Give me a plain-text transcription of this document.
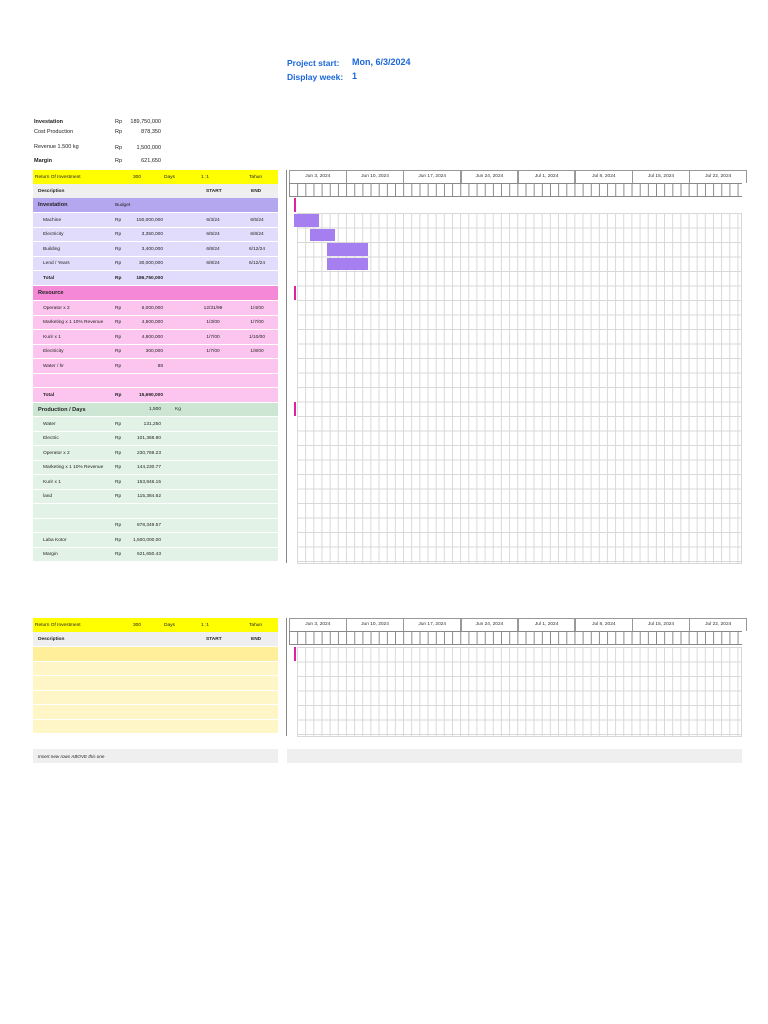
Project start: Mon, 6/3/2024
Display week: 1
Investation	Rp	189,750,000
Cost Production	Rp	878,350
Revenue 1.500 kg	Rp	1,500,000
Margin	Rp	621,650
Return Of Investment	300	Days	1 :1	Tahun
Description	START	END
Investation	Budget
Machine	Rp	150,000,000	6/3/24	6/5/24
Electricity	Rp	3,350,000	6/5/24	6/8/24
Building	Rp	3,400,000	6/8/24	6/12/24
Lend / Years	Rp	30,000,000	6/8/24	6/12/24
Total	Rp	186,750,000
Resource
Operator x 2	Rp	6,000,000	12/31/99	1/4/00
Marketing x 1 10% Revenue Rp	4,500,000	1/3/00	1/7/00
Kurir x 1	Rp	4,800,000	1/7/00	1/10/00
Electricity	Rp	300,000	1/7/00	1/8/00
Water / hr	Rp	88
Total	Rp	15,690,000
Production / Days	1,500	Kg
Water	Rp	131,250
Electric	Rp	101,368.80
Operator x 2	Rp	230,769.23
Marketing x 1 10% Revenue Rp	144,230.77
Kurir x 1	Rp	153,846.15
land	Rp	115,384.62
Rp	878,349.57
Laba Kotor	Rp	1,500,000.00
Margin	Rp	621,650.43
Jun 3, 2024	Jun 10, 2024	Jun 17, 2024	Jun 24, 2024	Jul 1, 2024	Jul 8, 2024	Jul 15, 2024	Jul 22, 2024
Return Of Investment	300	Days	1 :1	Tahun
Description	START	END
Insert new rows ABOVE this one
Jun 3, 2024	Jun 10, 2024	Jun 17, 2024	Jun 24, 2024	Jul 1, 2024	Jul 8, 2024	Jul 15, 2024	Jul 22, 2024
